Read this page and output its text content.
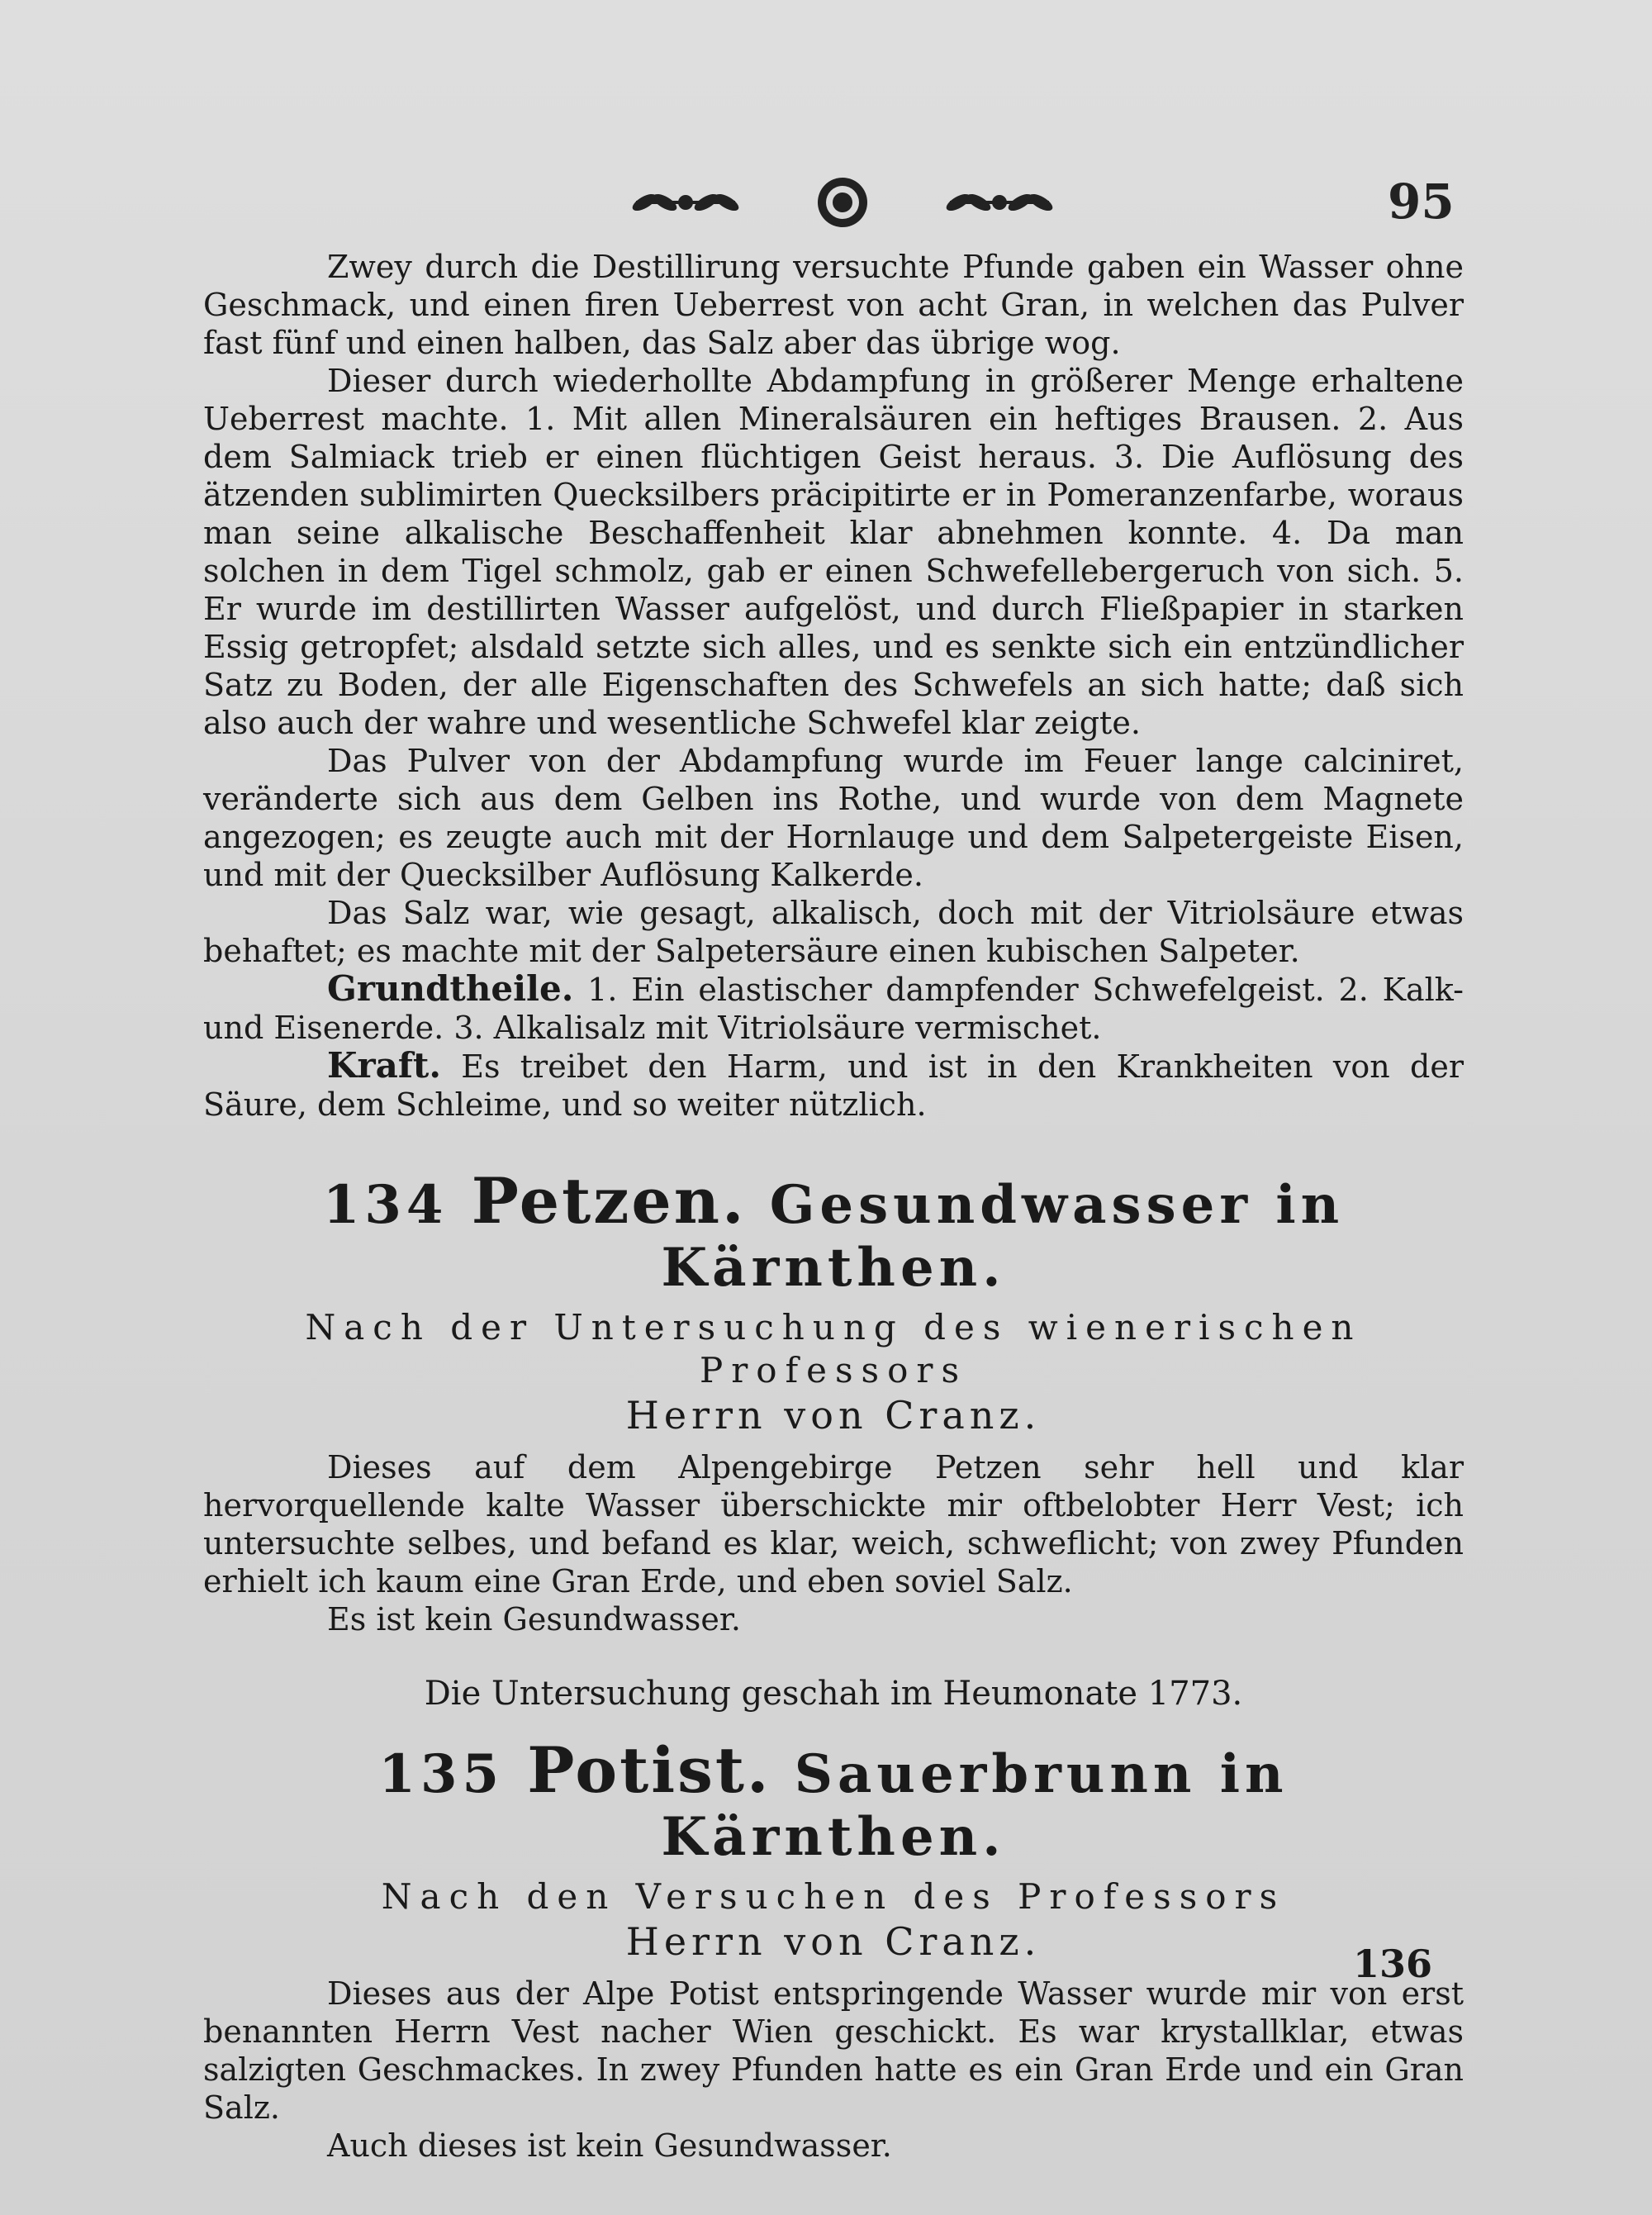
95

Zwey durch die Destillirung versuchte Pfunde gaben ein Wasser ohne Geschmack, und einen firen Ueberrest von acht Gran, in welchen das Pulver fast fünf und einen halben, das Salz aber das übrige wog.

Dieser durch wiederhollte Abdampfung in größerer Menge erhaltene Ueberrest machte. 1. Mit allen Mineralsäuren ein heftiges Brausen. 2. Aus dem Salmiack trieb er einen flüchtigen Geist heraus. 3. Die Auflösung des ätzenden sublimirten Quecksilbers präcipitirte er in Pomeranzenfarbe, woraus man seine alkalische Beschaffenheit klar abnehmen konnte. 4. Da man solchen in dem Tigel schmolz, gab er einen Schwefellebergeruch von sich. 5. Er wurde im destillirten Wasser aufgelöst, und durch Fließpapier in starken Essig getropfet; alsdald setzte sich alles, und es senkte sich ein entzündlicher Satz zu Boden, der alle Eigenschaften des Schwefels an sich hatte; daß sich also auch der wahre und wesentliche Schwefel klar zeigte.

Das Pulver von der Abdampfung wurde im Feuer lange calciniret, veränderte sich aus dem Gelben ins Rothe, und wurde von dem Magnete angezogen; es zeugte auch mit der Hornlauge und dem Salpetergeiste Eisen, und mit der Quecksilber Auflösung Kalkerde.

Das Salz war, wie gesagt, alkalisch, doch mit der Vitriolsäure etwas behaftet; es machte mit der Salpetersäure einen kubischen Salpeter.

Grundtheile. 1. Ein elastischer dampfender Schwefelgeist. 2. Kalk- und Eisenerde. 3. Alkalisalz mit Vitriolsäure vermischet.

Kraft. Es treibet den Harm, und ist in den Krankheiten von der Säure, dem Schleime, und so weiter nützlich.

134 Petzen. Gesundwasser in Kärnthen.

Nach der Untersuchung des wienerischen Professors

Herrn von Cranz.

Dieses auf dem Alpengebirge Petzen sehr hell und klar hervorquellende kalte Wasser überschickte mir oftbelobter Herr Vest; ich untersuchte selbes, und befand es klar, weich, schweflicht; von zwey Pfunden erhielt ich kaum eine Gran Erde, und eben soviel Salz.

Es ist kein Gesundwasser.

Die Untersuchung geschah im Heumonate 1773.

135 Potist. Sauerbrunn in Kärnthen.

Nach den Versuchen des Professors

Herrn von Cranz.

Dieses aus der Alpe Potist entspringende Wasser wurde mir von erst benannten Herrn Vest nacher Wien geschickt. Es war krystallklar, etwas salzigten Geschmackes. In zwey Pfunden hatte es ein Gran Erde und ein Gran Salz.

Auch dieses ist kein Gesundwasser.

136
